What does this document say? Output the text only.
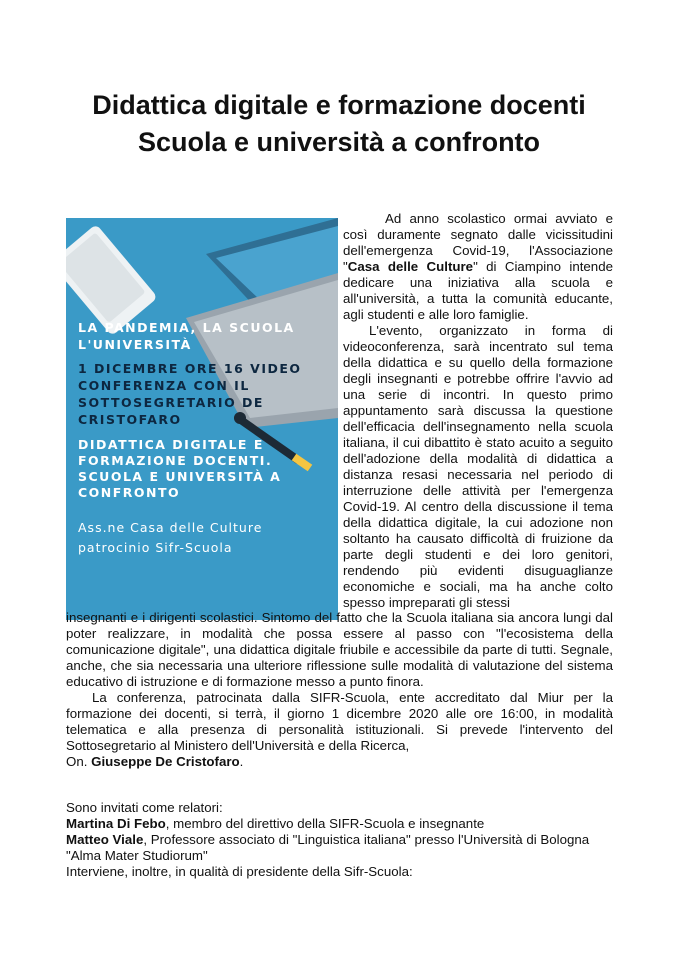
Didattica digitale e formazione docenti
Scuola e università a confronto
LA PANDEMIA, LA SCUOLA
L'UNIVERSITÀ
1 DICEMBRE ORE 16 VIDEO
CONFERENZA CON IL
SOTTOSEGRETARIO DE CRISTOFARO
DIDATTICA DIGITALE E
FORMAZIONE DOCENTI.
SCUOLA E UNIVERSITÀ A
CONFRONTO
Ass.ne Casa delle Culture
patrocinio Sifr-Scuola

Ad anno scolastico ormai avviato e così duramente segnato dalle vicissitudini dell'emergenza Covid-19, l'Associazione "Casa delle Culture" di Ciampino intende dedicare una iniziativa alla scuola e all'università, a tutta la comunità educante, agli studenti e alle loro famiglie.

L'evento, organizzato in forma di videoconferenza, sarà incentrato sul tema della didattica e su quello della formazione degli insegnanti e potrebbe offrire l'avvio ad una serie di incontri. In questo primo appuntamento sarà discussa la questione dell'efficacia dell'insegnamento nella scuola italiana, il cui dibattito è stato acuito a seguito dell'adozione della modalità di didattica a distanza resasi necessaria nel periodo di interruzione delle attività per l'emergenza Covid-19. Al centro della discussione il tema della didattica digitale, la cui adozione non soltanto ha causato difficoltà di fruizione da parte degli studenti e dei loro genitori, rendendo più evidenti disuguaglianze economiche e sociali, ma ha anche colto spesso impreparati gli stessi

insegnanti e i dirigenti scolastici. Sintomo del fatto che la Scuola italiana sia ancora lungi dal poter realizzare, in modalità che possa essere al passo con "l'ecosistema della comunicazione digitale", una didattica digitale friubile e accessibile da parte di tutti. Segnale, anche, che sia necessaria una ulteriore riflessione sulle modalità di valutazione del sistema educativo di istruzione e di formazione messo a punto finora.

La conferenza, patrocinata dalla SIFR-Scuola, ente accreditato dal Miur per la formazione dei docenti, si terrà, il giorno 1 dicembre 2020 alle ore 16:00, in modalità telematica e alla presenza di personalità istituzionali. Si prevede l'intervento del Sottosegretario al Ministero dell'Università e della Ricerca,

On. Giuseppe De Cristofaro.

Sono invitati come relatori:

Martina Di Febo, membro del direttivo della SIFR-Scuola e insegnante

Matteo Viale, Professore associato di "Linguistica italiana" presso l'Università di Bologna "Alma Mater Studiorum"

Interviene, inoltre, in qualità di presidente della Sifr-Scuola:
